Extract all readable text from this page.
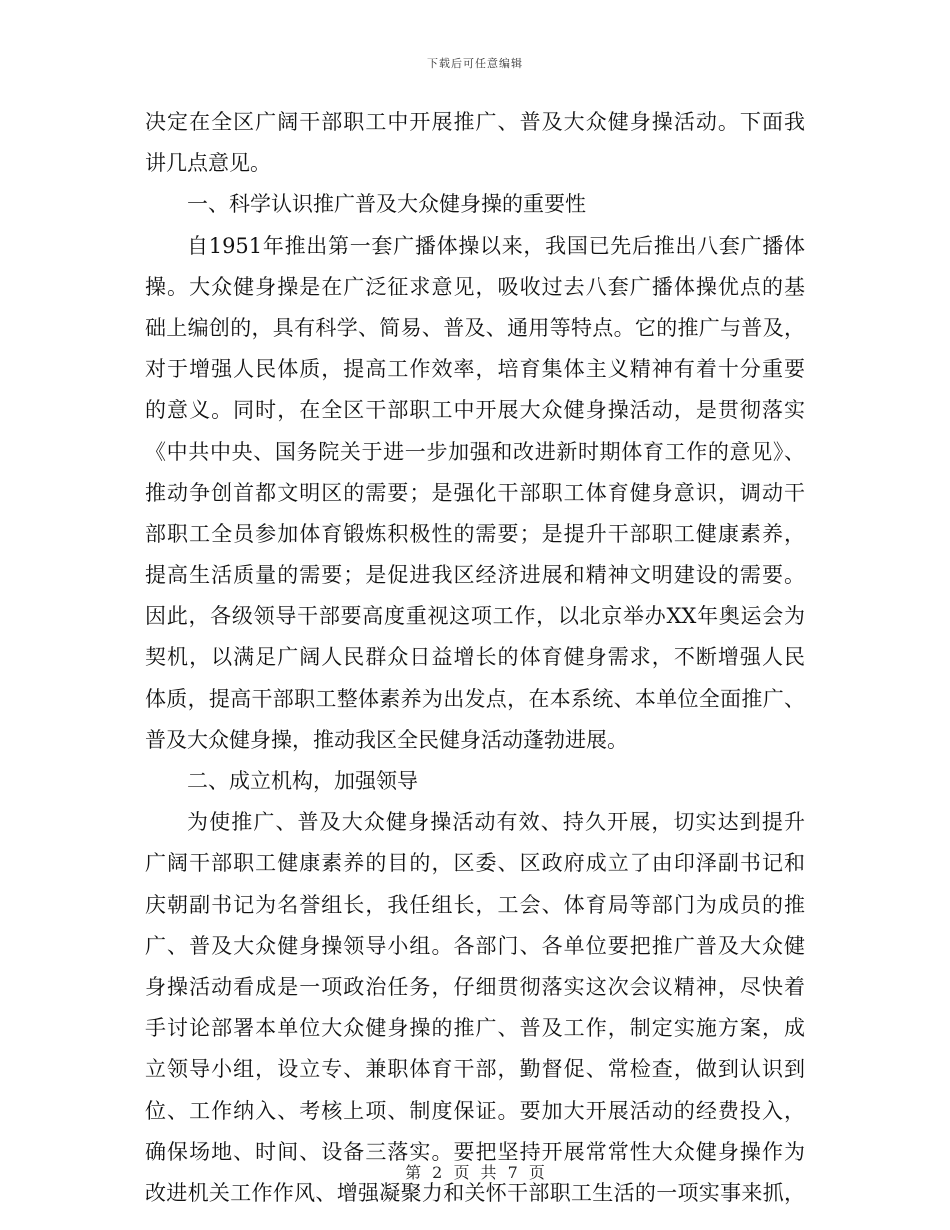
下载后可任意编辑
决定在全区广阔干部职工中开展推广、普及大众健身操活动。下面我
讲几点意见。
一、科学认识推广普及大众健身操的重要性
自1951年推出第一套广播体操以来，我国已先后推出八套广播体
操。大众健身操是在广泛征求意见，吸收过去八套广播体操优点的基
础上编创的，具有科学、简易、普及、通用等特点。它的推广与普及，
对于增强人民体质，提高工作效率，培育集体主义精神有着十分重要
的意义。同时，在全区干部职工中开展大众健身操活动，是贯彻落实
《中共中央、国务院关于进一步加强和改进新时期体育工作的意见》、
推动争创首都文明区的需要；是强化干部职工体育健身意识，调动干
部职工全员参加体育锻炼积极性的需要；是提升干部职工健康素养，
提高生活质量的需要；是促进我区经济进展和精神文明建设的需要。
因此，各级领导干部要高度重视这项工作，以北京举办XX年奥运会为
契机，以满足广阔人民群众日益增长的体育健身需求，不断增强人民
体质，提高干部职工整体素养为出发点，在本系统、本单位全面推广、
普及大众健身操，推动我区全民健身活动蓬勃进展。
二、成立机构，加强领导
为使推广、普及大众健身操活动有效、持久开展，切实达到提升
广阔干部职工健康素养的目的，区委、区政府成立了由印泽副书记和
庆朝副书记为名誉组长，我任组长，工会、体育局等部门为成员的推
广、普及大众健身操领导小组。各部门、各单位要把推广普及大众健
身操活动看成是一项政治任务，仔细贯彻落实这次会议精神，尽快着
手讨论部署本单位大众健身操的推广、普及工作，制定实施方案，成
立领导小组，设立专、兼职体育干部，勤督促、常检查，做到认识到
位、工作纳入、考核上项、制度保证。要加大开展活动的经费投入，
确保场地、时间、设备三落实。要把坚持开展常常性大众健身操作为
改进机关工作作风、增强凝聚力和关怀干部职工生活的一项实事来抓，
第 2 页 共 7 页
